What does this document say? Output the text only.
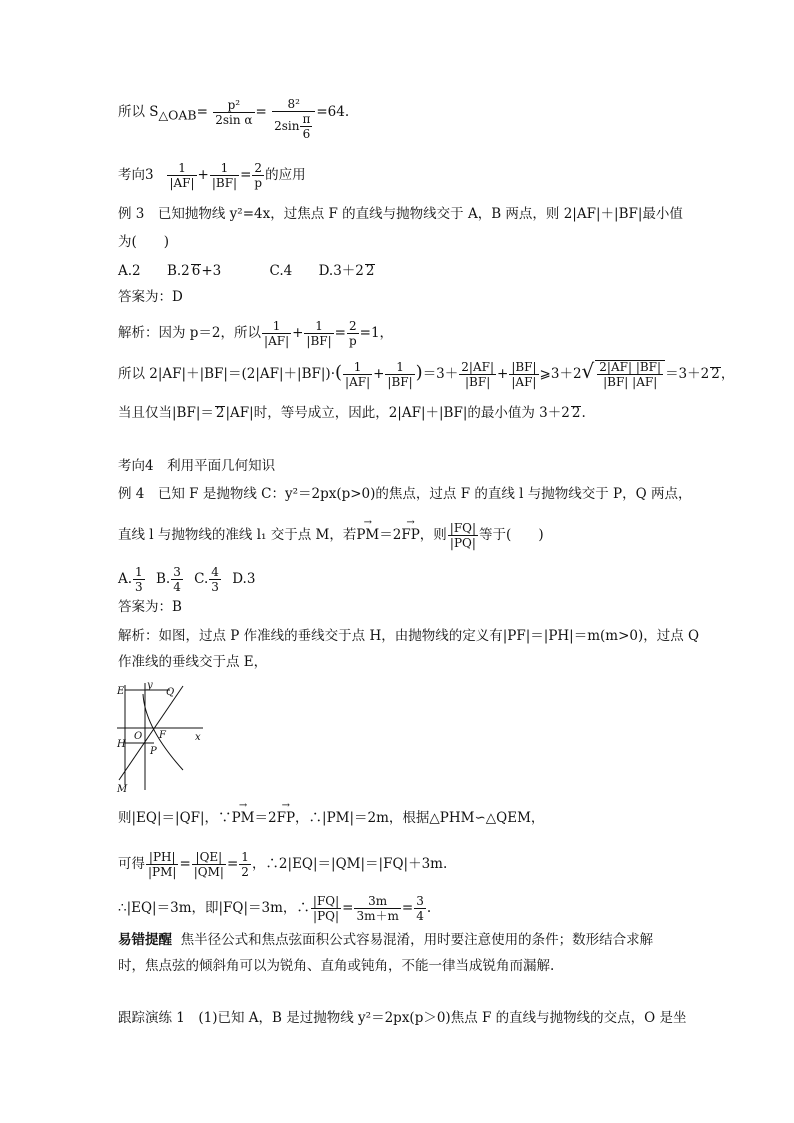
所以 $S_{\triangle OAB}= \frac{\text{p²}}{\text{2sin α}} = \frac{\text{8²}}{2\sin \frac{\pi}{6}} =64$.
考向$3 \frac{1}{|AF|} + \frac{1}{|BF|} = \frac{2}{p}$ 的应用
例 3　已知抛物线 y²=4x，过焦点 F 的直线与抛物线交于 A，B 两点，则 2|AF|＋|BF|最小值
为(　　)
A.2 B.2 6+3	C.4 D.3＋2 2
答案为：D
解析：因为 p＝2，所以 $\frac{1}{|AF|} + \frac{1}{|BF|} = \frac{2}{p} =1$，
所以 $2|AF|+|BF|=(2|AF|+|BF|)\cdot( \frac{1}{|AF|} + \frac{1}{|BF|} )=3+ \frac{2|AF|}{|BF|} + \frac{|BF|}{|AF|}$ ⩾3＋2√ $\frac{2|AF| |BF|}{|BF| |AF|} =3+2$ 2，
当且仅当|BF|＝ 2|AF|时，等号成立，因此，2|AF|＋|BF|的最小值为 3＋2 2.
考向4　利用平面几何知识
例 4　已知 F 是抛物线 C：y²＝2px(p>0)的焦点，过点 F 的直线 l 与抛物线交于 P，Q 两点，
直线 l 与抛物线的准线 l₁ 交于点 M，若→ PM＝2→ FP，则 $\frac{|FQ|}{|PQ|}$ 等于(　　)
A. $\frac{1}{3} B$. $\frac{3}{4} C$. $\frac{4}{3} D.3$
答案为：B
解析：如图，过点 P 作准线的垂线交于点 H，由抛物线的定义有|PF|＝|PH|＝m(m>0)，过点 Q
作准线的垂线交于点 E，
E
y
Q
H
O F
P
x
M
则|EQ|＝|QF|，∵→ PM＝2→ FP，∴|PM|＝2m，根据△PHM∽△QEM，
可得 $\frac{|PH|}{|PM|} = \frac{|QE|}{|QM|} = \frac{1}{2}$ ，∴2|EQ|＝|QM|＝|FQ|＋3m.
∴|EQ|＝3m，即|FQ|＝3m，∴ $\frac{|FQ|}{|PQ|} = \frac{3m}{3m+m} = \frac{3}{4}$ .
易错提醒 焦半径公式和焦点弦面积公式容易混淆，用时要注意使用的条件；数形结合求解
时，焦点弦的倾斜角可以为锐角、直角或钝角，不能一律当成锐角而漏解.
跟踪演练 1　(1)已知 A，B 是过抛物线 y²＝2px(p＞0)焦点 F 的直线与抛物线的交点，O 是坐
